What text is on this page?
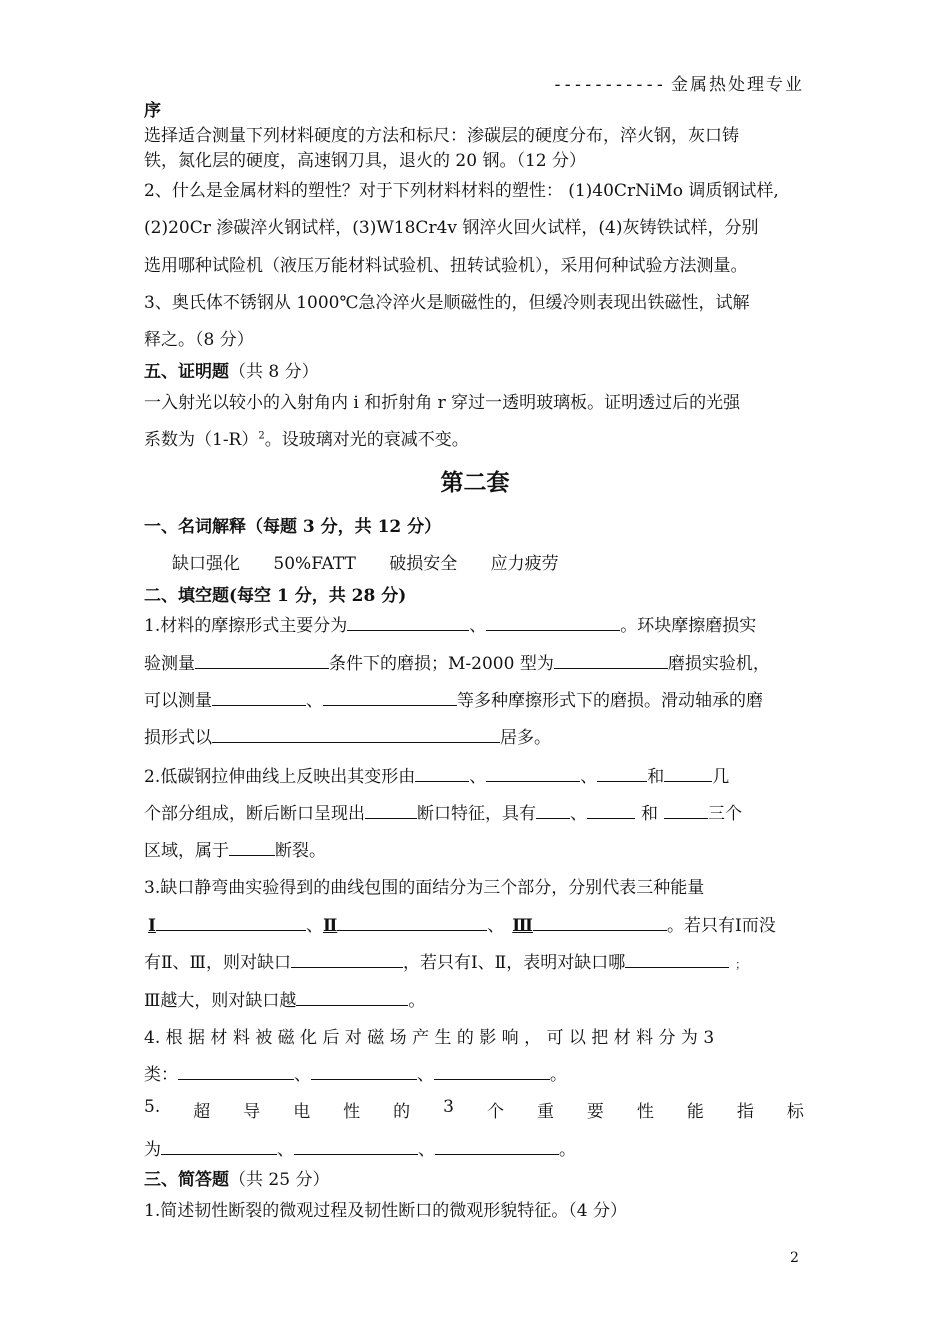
----------- 金属热处理专业
序
选择适合测量下列材料硬度的方法和标尺：渗碳层的硬度分布，淬火钢，灰口铸
铁，氮化层的硬度，高速钢刀具，退火的 20 钢。（12 分）
2、什么是金属材料的塑性？对于下列材料材料的塑性： (1)40CrNiMo 调质钢试样,
(2)20Cr 渗碳淬火钢试样，(3)W18Cr4v 钢淬火回火试样，(4)灰铸铁试样，分别
选用哪种试险机（液压万能材料试验机、扭转试验机），采用何种试验方法测量。
3、奥氏体不锈钢从 1000℃急冷淬火是顺磁性的，但缓冷则表现出铁磁性，试解
释之。（8 分）
五、证明题（共 8 分）
一入射光以较小的入射角内 i 和折射角 r 穿过一透明玻璃板。证明透过后的光强
系数为$(1-R)^2$。设玻璃对光的衰减不变。
第二套
一、名词解释（每题 3 分，共 12 分）
缺口强化 50%FATT 破损安全 应力疲劳
二、填空题(每空 1 分，共 28 分)
1.材料的摩擦形式主要分为	、	。环块摩擦磨损实
验测量	条件下的磨损；M-2000 型为	磨损实验机，
可以测量	、	等多种摩擦形式下的磨损。滑动轴承的磨
损形式以	居多。
2.低碳钢拉伸曲线上反映出其变形由	、	、	和	几
个部分组成，断后断口呈现出	断口特征，具有 、	和	三个
区域，属于	断裂。
3.缺口静弯曲实验得到的曲线包围的面结分为三个部分，分别代表三种能量
Ⅰ	、Ⅱ	、 Ⅲ	。若只有Ⅰ而没
有Ⅱ、Ⅲ，则对缺口	，若只有Ⅰ、Ⅱ，表明对缺口哪	；
Ⅲ越大，则对缺口越	。
4. 根 据 材 料 被 磁 化 后 对 磁 场 产 生 的 影 响 ， 可 以 把 材 料 分 为 3
类：	、	、	。
5. 超 导 电 性 的 3 个 重 要 性 能 指 标
为	、	、	。
三、简答题（共 25 分）
1.简述韧性断裂的微观过程及韧性断口的微观形貌特征。（4 分）
2
